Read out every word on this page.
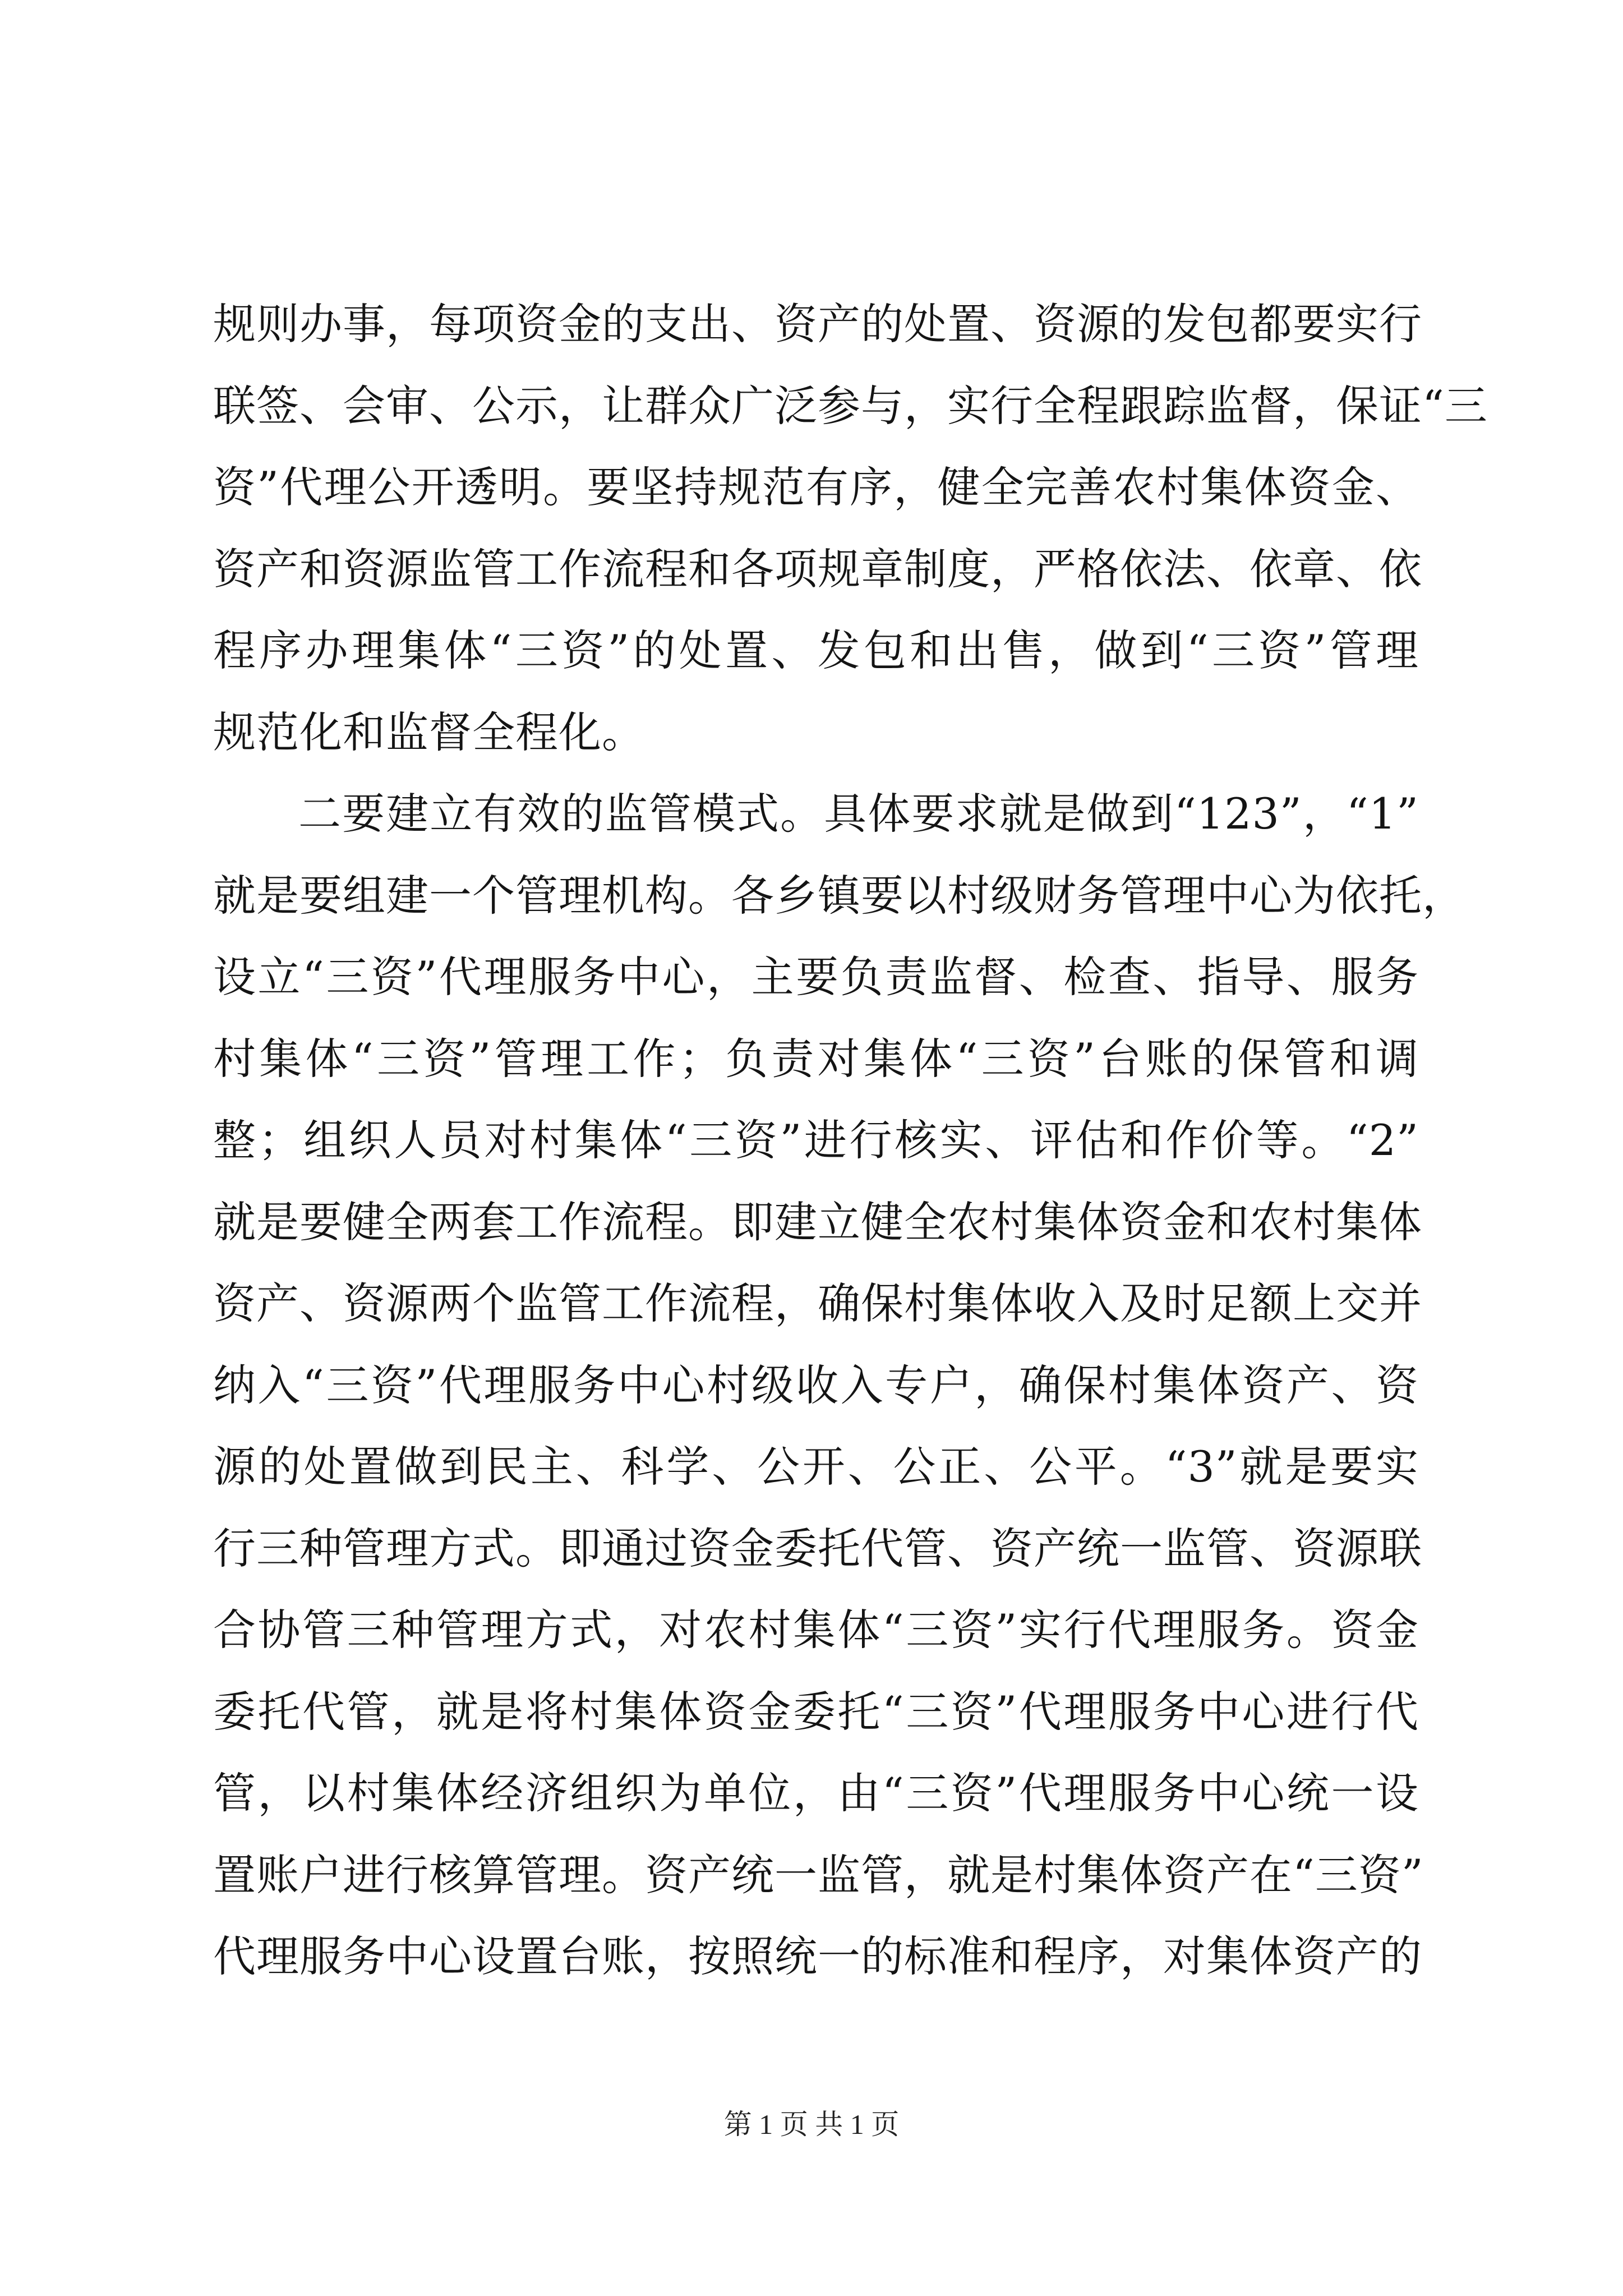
规则办事，每项资金的支出、资产的处置、资源的发包都要实行
联签、会审、公示，让群众广泛参与，实行全程跟踪监督，保证“三
资”代理公开透明。要坚持规范有序，健全完善农村集体资金、
资产和资源监管工作流程和各项规章制度，严格依法、依章、依
程序办理集体“三资”的处置、发包和出售，做到“三资”管理
规范化和监督全程化。
二要建立有效的监管模式。具体要求就是做到“123”，“1”
就是要组建一个管理机构。各乡镇要以村级财务管理中心为依托，
设立“三资”代理服务中心，主要负责监督、检查、指导、服务
村集体“三资”管理工作；负责对集体“三资”台账的保管和调
整；组织人员对村集体“三资”进行核实、评估和作价等。“2”
就是要健全两套工作流程。即建立健全农村集体资金和农村集体
资产、资源两个监管工作流程，确保村集体收入及时足额上交并
纳入“三资”代理服务中心村级收入专户，确保村集体资产、资
源的处置做到民主、科学、公开、公正、公平。“3”就是要实
行三种管理方式。即通过资金委托代管、资产统一监管、资源联
合协管三种管理方式，对农村集体“三资”实行代理服务。资金
委托代管，就是将村集体资金委托“三资”代理服务中心进行代
管，以村集体经济组织为单位，由“三资”代理服务中心统一设
置账户进行核算管理。资产统一监管，就是村集体资产在“三资”
代理服务中心设置台账，按照统一的标准和程序，对集体资产的
第 1 页 共 1 页
